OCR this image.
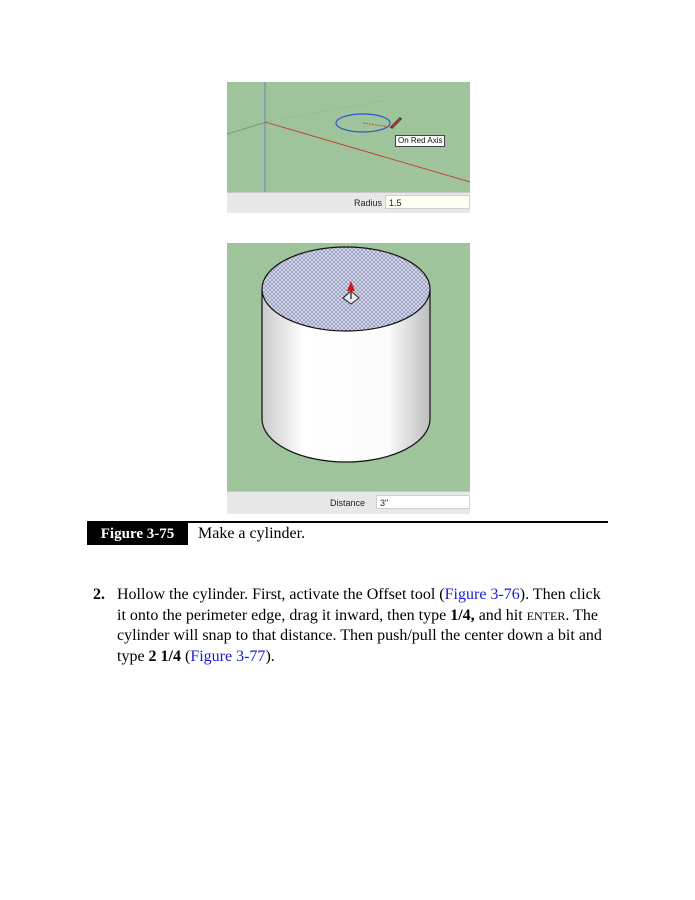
On Red Axis
Radius 1.5
Distance	3"
Figure 3-75	Make a cylinder.
2. Hollow the cylinder. First, activate the Offset tool (Figure 3-76). Then click it onto the perimeter edge, drag it inward, then type 1/4, and hit ENTER. The cylinder will snap to that distance. Then push/pull the center down a bit and type 2 1/4 (Figure 3-77).
